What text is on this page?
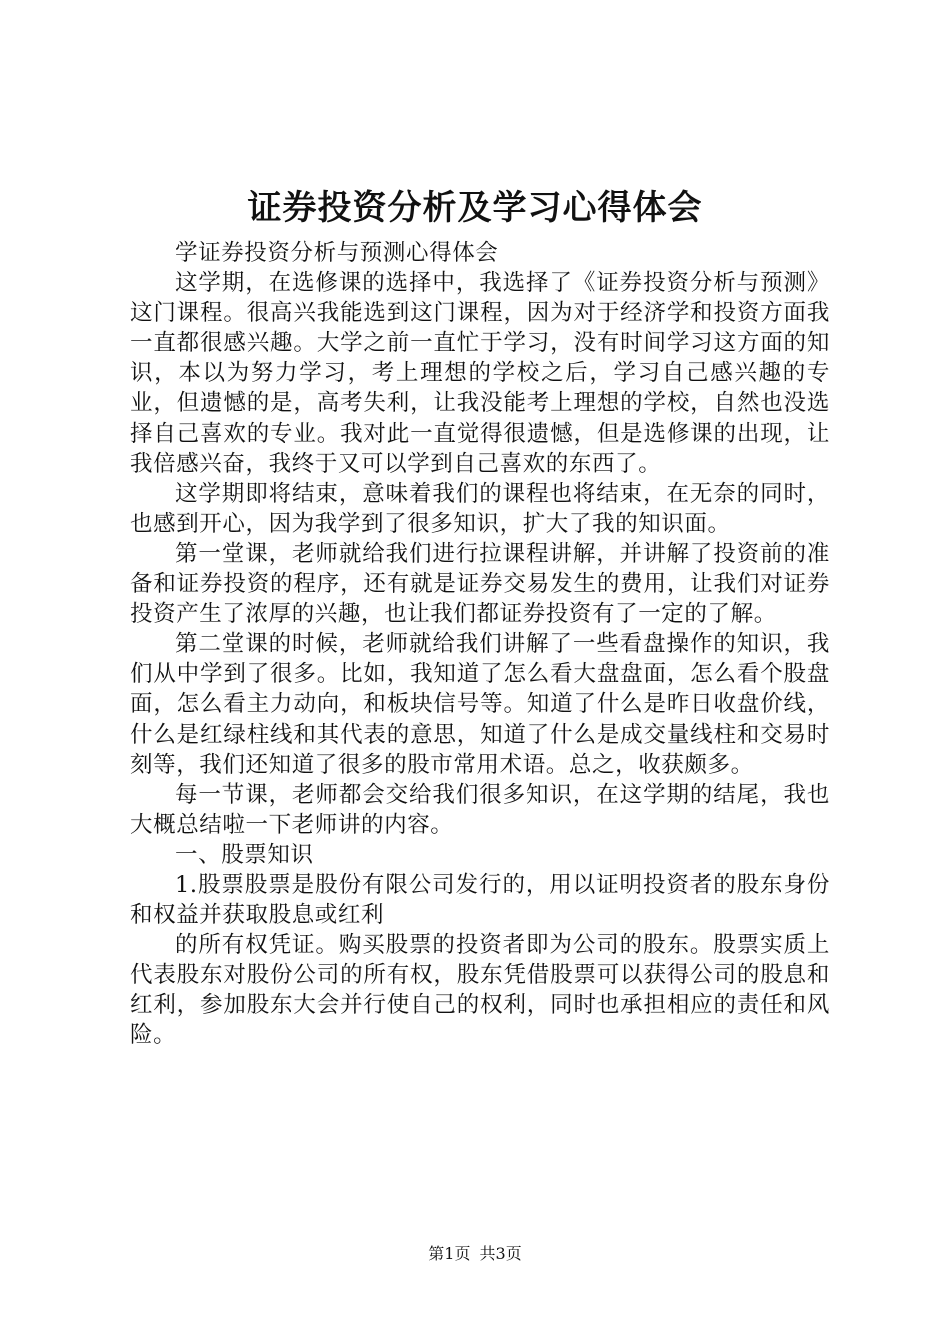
证券投资分析及学习心得体会

学证券投资分析与预测心得体会

这学期，在选修课的选择中，我选择了《证券投资分析与预测》这门课程。很高兴我能选到这门课程，因为对于经济学和投资方面我一直都很感兴趣。大学之前一直忙于学习，没有时间学习这方面的知识，本以为努力学习，考上理想的学校之后，学习自己感兴趣的专业，但遗憾的是，高考失利，让我没能考上理想的学校，自然也没选择自己喜欢的专业。我对此一直觉得很遗憾，但是选修课的出现，让我倍感兴奋，我终于又可以学到自己喜欢的东西了。

这学期即将结束，意味着我们的课程也将结束，在无奈的同时，也感到开心，因为我学到了很多知识，扩大了我的知识面。

第一堂课，老师就给我们进行拉课程讲解，并讲解了投资前的准备和证券投资的程序，还有就是证券交易发生的费用，让我们对证券投资产生了浓厚的兴趣，也让我们都证券投资有了一定的了解。

第二堂课的时候，老师就给我们讲解了一些看盘操作的知识，我们从中学到了很多。比如，我知道了怎么看大盘盘面，怎么看个股盘面，怎么看主力动向，和板块信号等。知道了什么是昨日收盘价线，什么是红绿柱线和其代表的意思，知道了什么是成交量线柱和交易时刻等，我们还知道了很多的股市常用术语。总之，收获颇多。

每一节课，老师都会交给我们很多知识，在这学期的结尾，我也大概总结啦一下老师讲的内容。

一、股票知识

1.股票股票是股份有限公司发行的，用以证明投资者的股东身份和权益并获取股息或红利

的所有权凭证。购买股票的投资者即为公司的股东。股票实质上代表股东对股份公司的所有权，股东凭借股票可以获得公司的股息和红利，参加股东大会并行使自己的权利，同时也承担相应的责任和风险。

第1页 共3页
